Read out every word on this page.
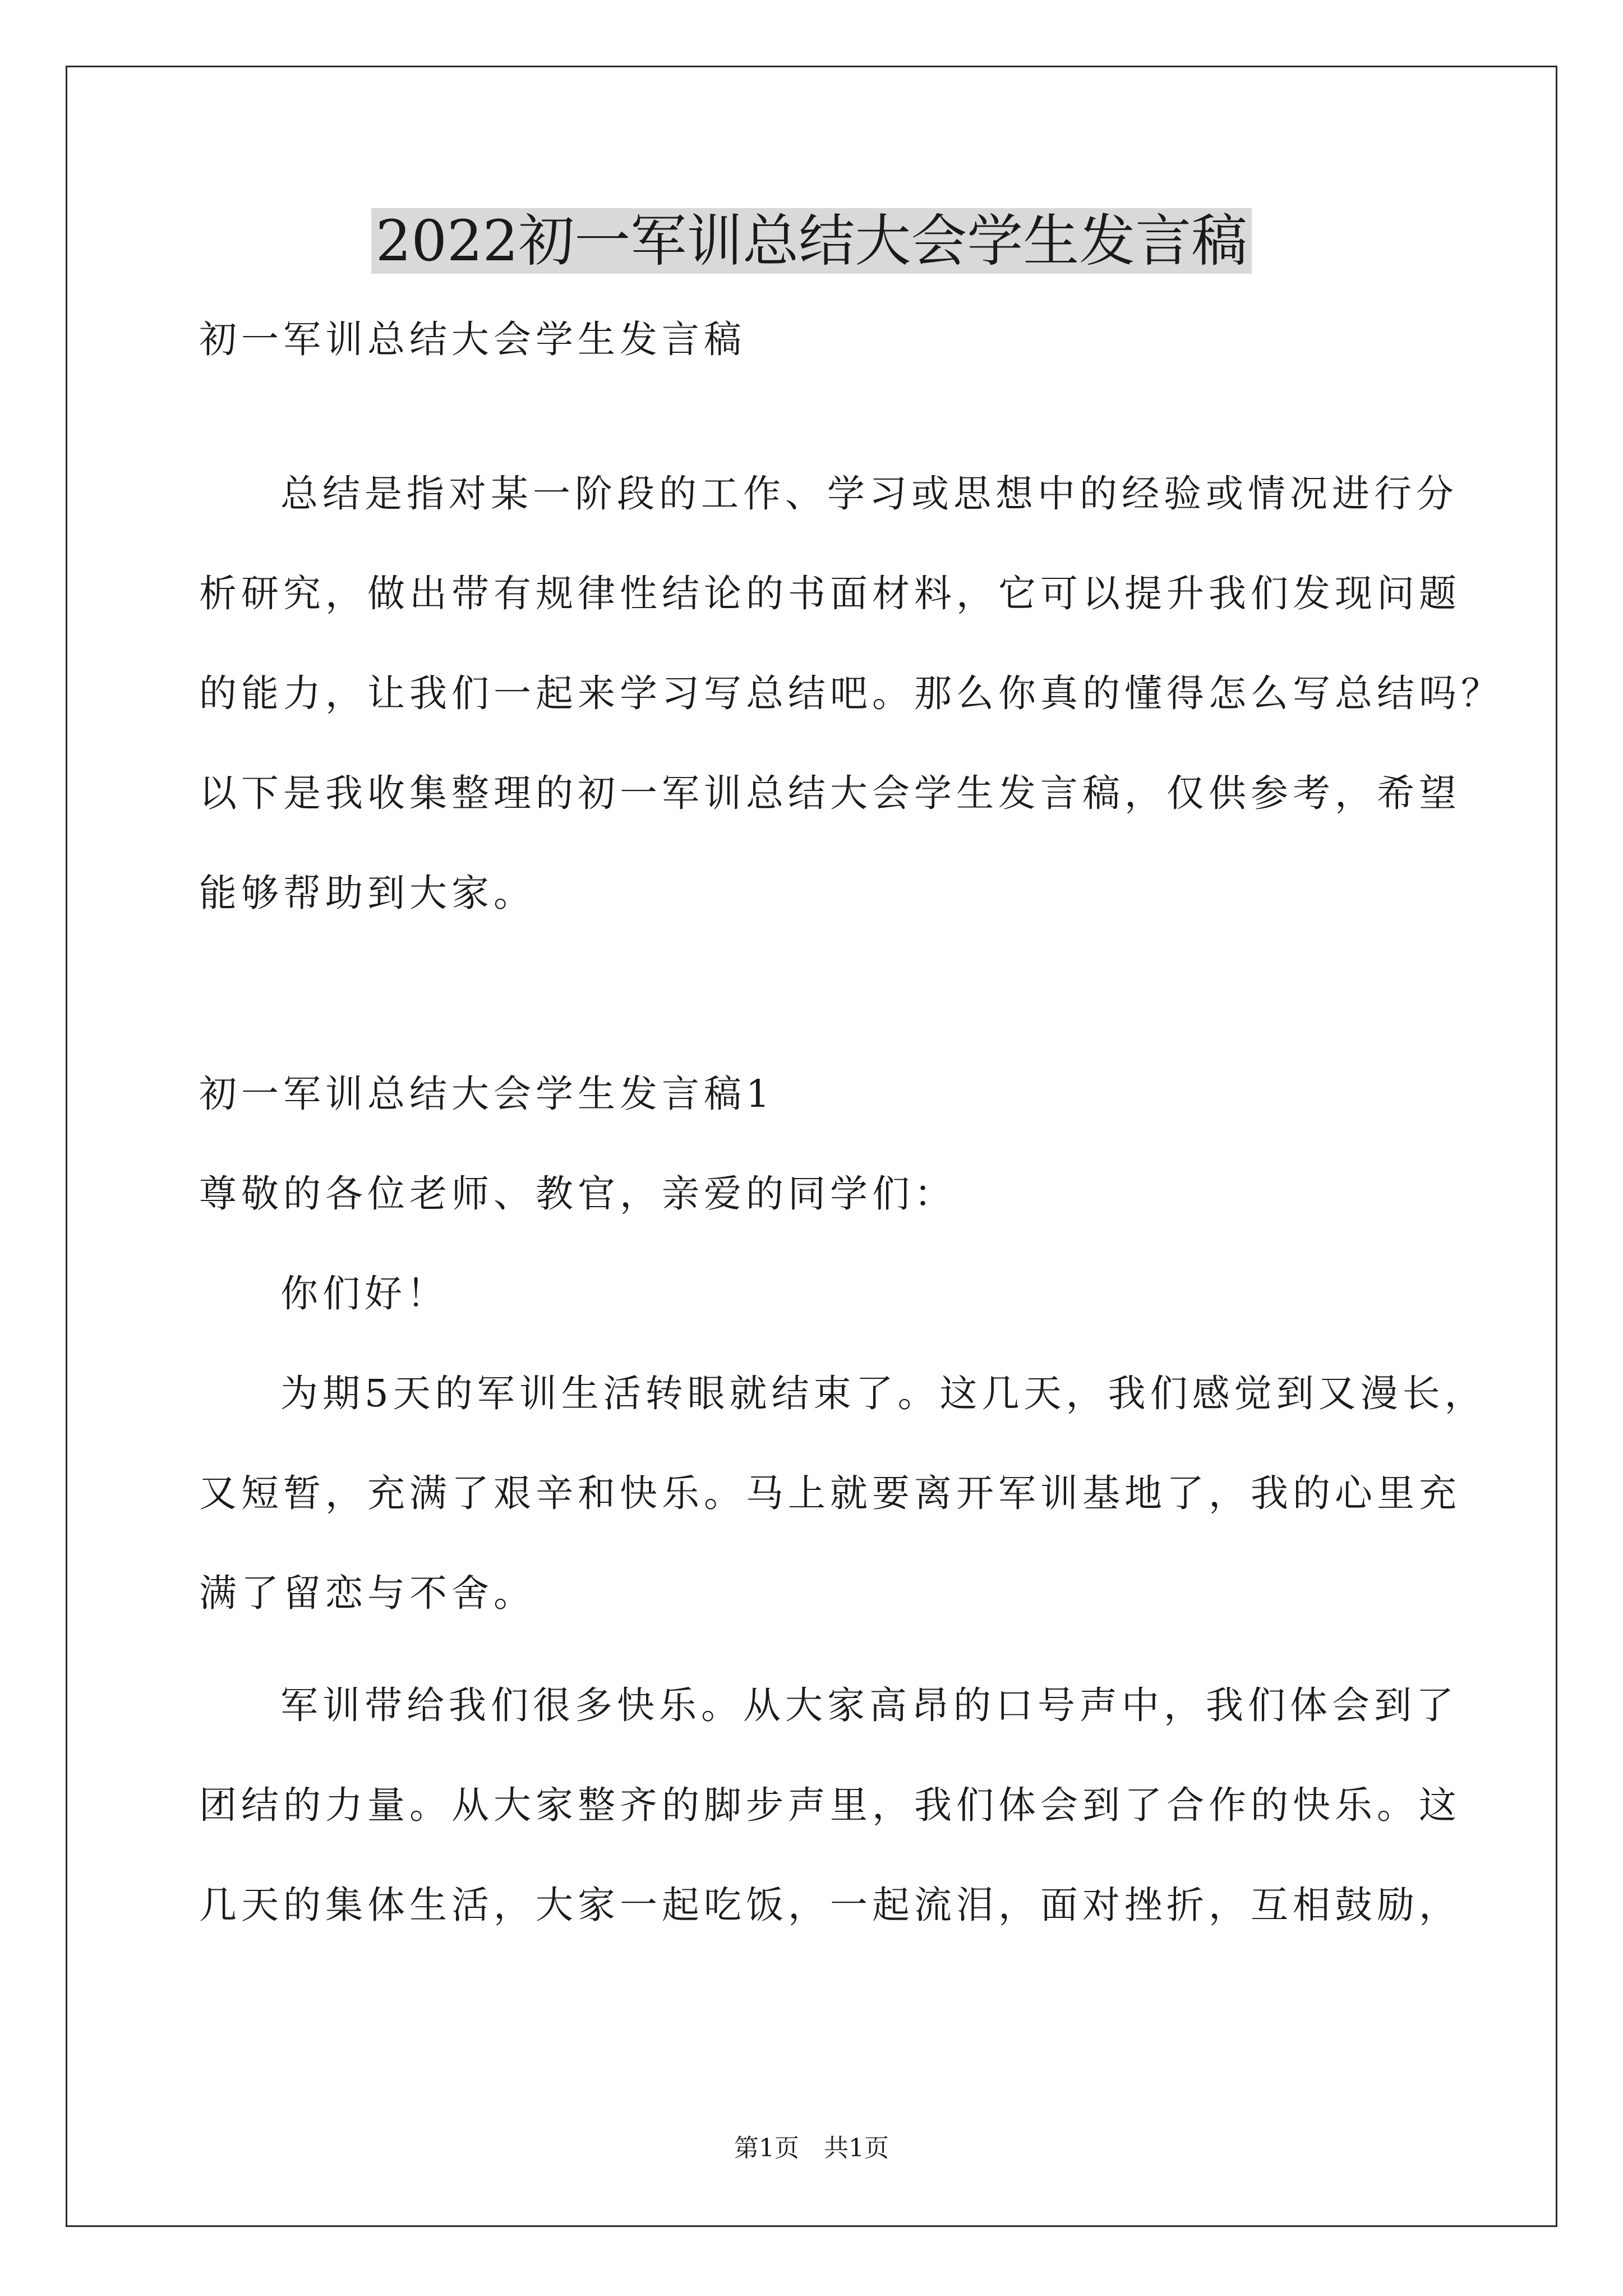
2022初一军训总结大会学生发言稿
初一军训总结大会学生发言稿
总结是指对某一阶段的工作、学习或思想中的经验或情况进行分
析研究，做出带有规律性结论的书面材料，它可以提升我们发现问题
的能力，让我们一起来学习写总结吧。那么你真的懂得怎么写总结吗？
以下是我收集整理的初一军训总结大会学生发言稿，仅供参考，希望
能够帮助到大家。
初一军训总结大会学生发言稿1
尊敬的各位老师、教官，亲爱的同学们：
你们好！
为期5天的军训生活转眼就结束了。这几天，我们感觉到又漫长，
又短暂，充满了艰辛和快乐。马上就要离开军训基地了，我的心里充
满了留恋与不舍。
军训带给我们很多快乐。从大家高昂的口号声中，我们体会到了
团结的力量。从大家整齐的脚步声里，我们体会到了合作的快乐。这
几天的集体生活，大家一起吃饭，一起流泪，面对挫折，互相鼓励，
第1页 共1页
